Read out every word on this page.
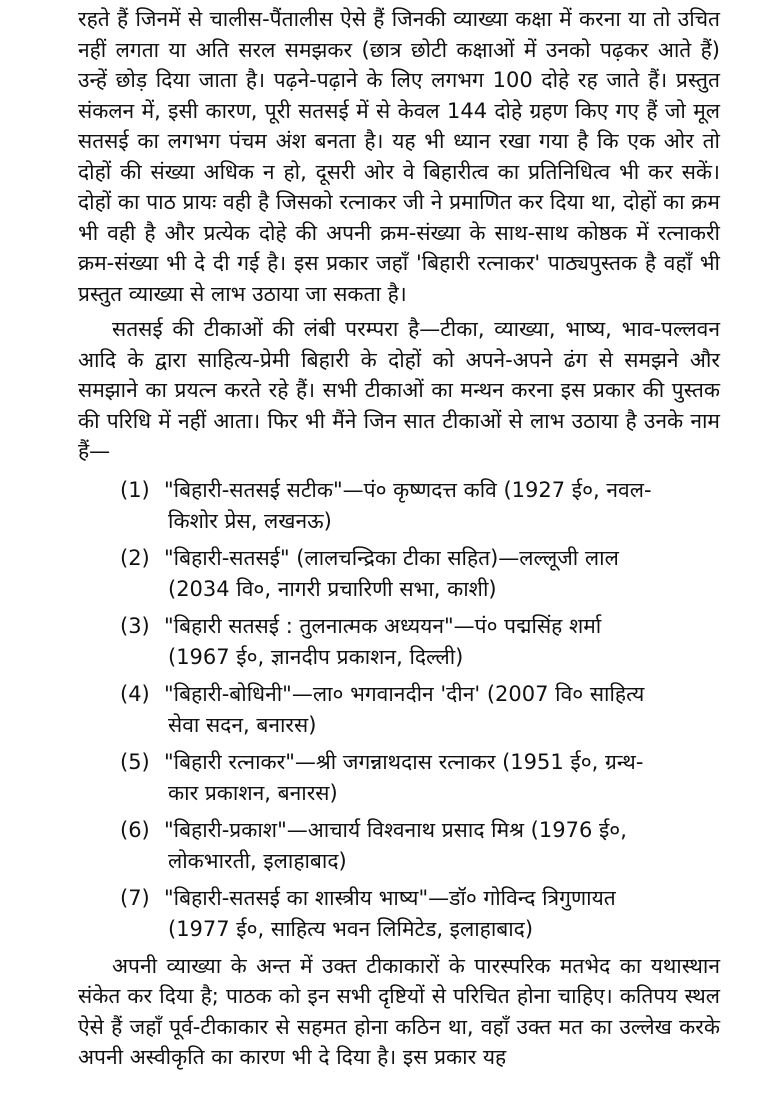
रहते हैं जिनमें से चालीस-पैंतालीस ऐसे हैं जिनकी व्याख्या कक्षा में करना या तो उचित नहीं लगता या अति सरल समझकर (छात्र छोटी कक्षाओं में उनको पढ़कर आते हैं) उन्हें छोड़ दिया जाता है। पढ़ने-पढ़ाने के लिए लगभग 100 दोहे रह जाते हैं। प्रस्तुत संकलन में, इसी कारण, पूरी सतसई में से केवल 144 दोहे ग्रहण किए गए हैं जो मूल सतसई का लगभग पंचम अंश बनता है। यह भी ध्यान रखा गया है कि एक ओर तो दोहों की संख्या अधिक न हो, दूसरी ओर वे बिहारीत्व का प्रतिनिधित्व भी कर सकें। दोहों का पाठ प्रायः वही है जिसको रत्नाकर जी ने प्रमाणित कर दिया था, दोहों का क्रम भी वही है और प्रत्येक दोहे की अपनी क्रम-संख्या के साथ-साथ कोष्ठक में रत्नाकरी क्रम-संख्या भी दे दी गई है। इस प्रकार जहाँ 'बिहारी रत्नाकर' पाठ्यपुस्तक है वहाँ भी प्रस्तुत व्याख्या से लाभ उठाया जा सकता है।

सतसई की टीकाओं की लंबी परम्परा है—टीका, व्याख्या, भाष्य, भाव-पल्लवन आदि के द्वारा साहित्य-प्रेमी बिहारी के दोहों को अपने-अपने ढंग से समझने और समझाने का प्रयत्न करते रहे हैं। सभी टीकाओं का मन्थन करना इस प्रकार की पुस्तक की परिधि में नहीं आता। फिर भी मैंने जिन सात टीकाओं से लाभ उठाया है उनके नाम हैं—

(1) "बिहारी-सतसई सटीक"—पं० कृष्णदत्त कवि (1927 ई०, नवल-
किशोर प्रेस, लखनऊ)
(2) "बिहारी-सतसई" (लालचन्द्रिका टीका सहित)—लल्लूजी लाल
(2034 वि०, नागरी प्रचारिणी सभा, काशी)
(3) "बिहारी सतसई : तुलनात्मक अध्ययन"—पं० पद्मसिंह शर्मा
(1967 ई०, ज्ञानदीप प्रकाशन, दिल्ली)
(4) "बिहारी-बोधिनी"—ला० भगवानदीन 'दीन' (2007 वि० साहित्य
सेवा सदन, बनारस)
(5) "बिहारी रत्नाकर"—श्री जगन्नाथदास रत्नाकर (1951 ई०, ग्रन्थ-
कार प्रकाशन, बनारस)
(6) "बिहारी-प्रकाश"—आचार्य विश्वनाथ प्रसाद मिश्र (1976 ई०,
लोकभारती, इलाहाबाद)
(7) "बिहारी-सतसई का शास्त्रीय भाष्य"—डॉ० गोविन्द त्रिगुणायत
(1977 ई०, साहित्य भवन लिमिटेड, इलाहाबाद)

अपनी व्याख्या के अन्त में उक्त टीकाकारों के पारस्परिक मतभेद का यथास्थान संकेत कर दिया है; पाठक को इन सभी दृष्टियों से परिचित होना चाहिए। कतिपय स्थल ऐसे हैं जहाँ पूर्व-टीकाकार से सहमत होना कठिन था, वहाँ उक्त मत का उल्लेख करके अपनी अस्वीकृति का कारण भी दे दिया है। इस प्रकार यह
